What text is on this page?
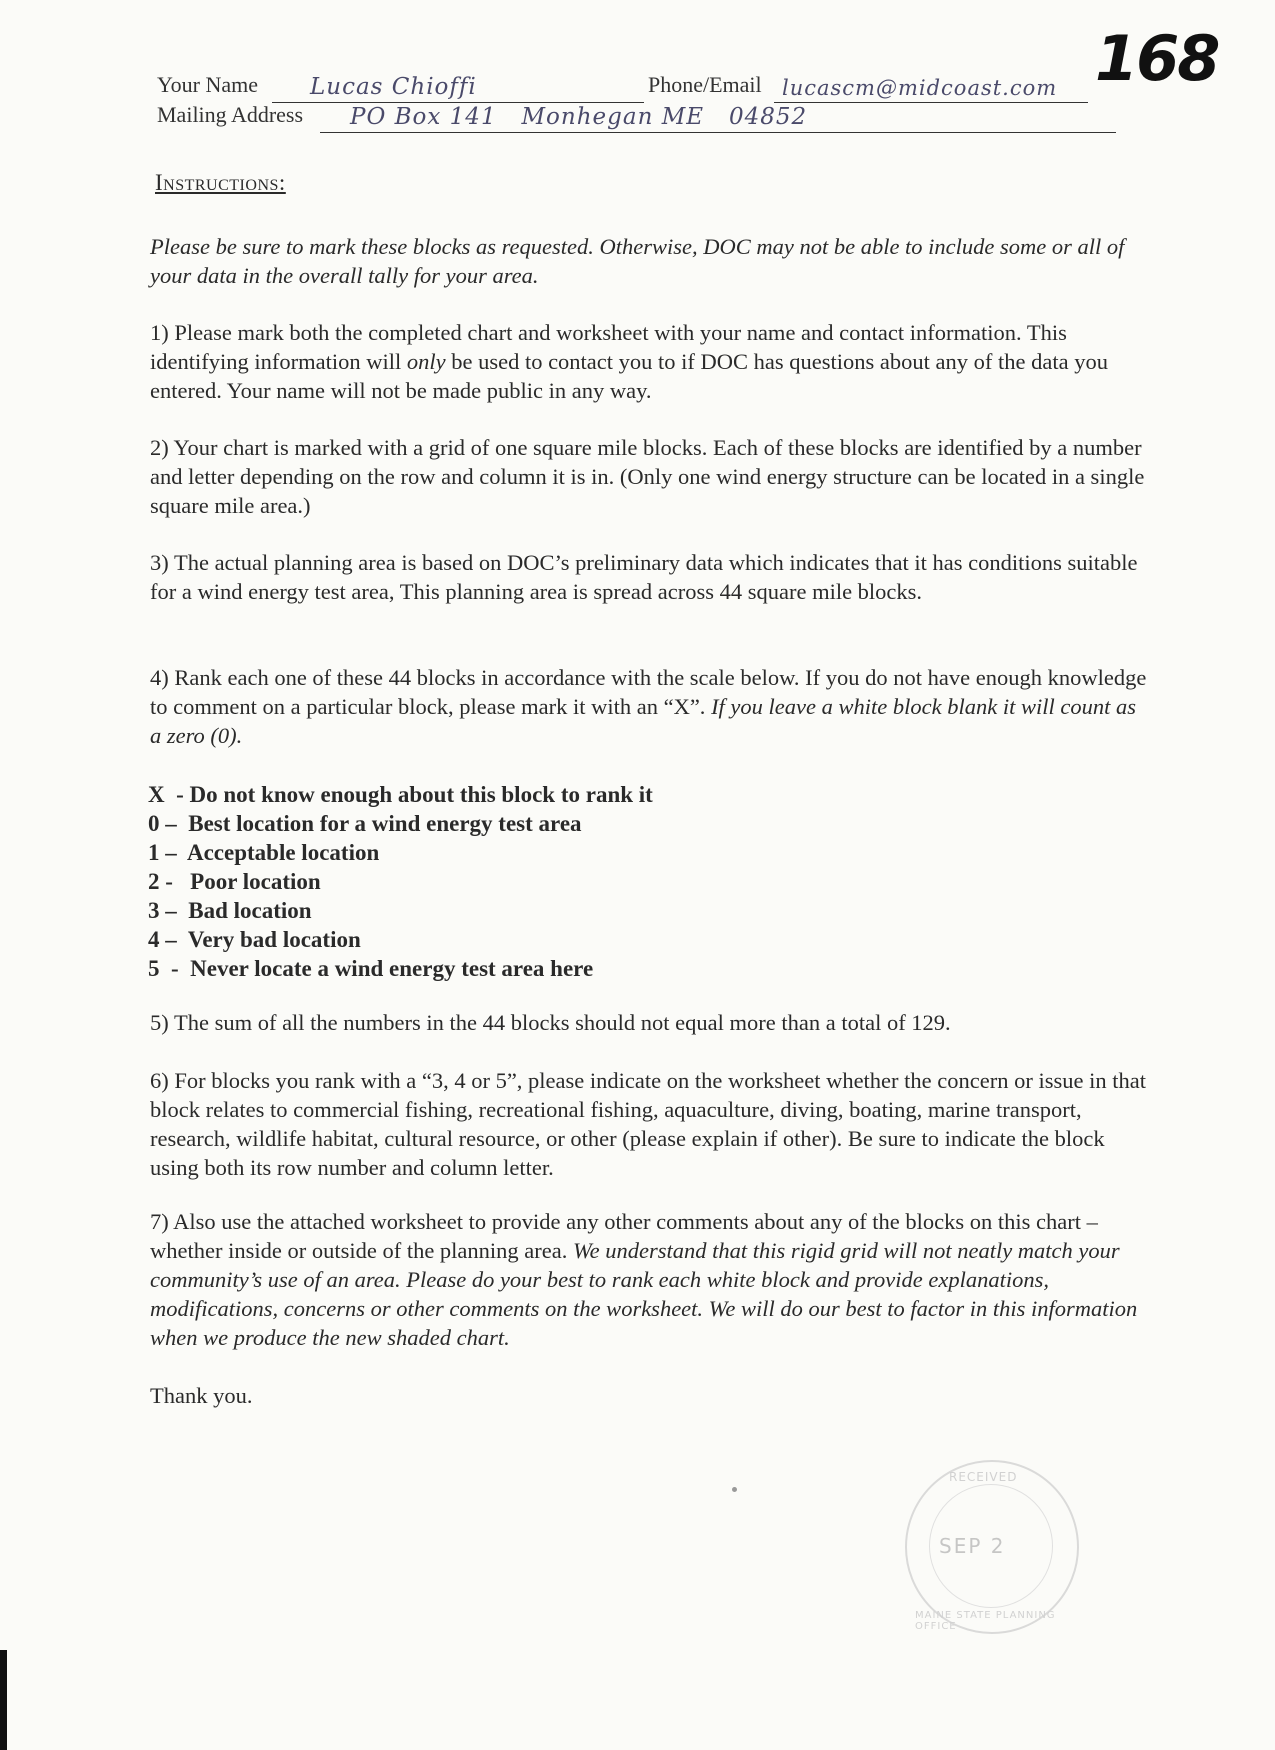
168
Your Name Lucas Chioffi	Phone/Email lucascm@midcoast.com
Mailing Address PO Box 141   Monhegan ME   04852
Instructions:
Please be sure to mark these blocks as requested. Otherwise, DOC may not be able to include some or all of your data in the overall tally for your area.
1) Please mark both the completed chart and worksheet with your name and contact information. This identifying information will only be used to contact you to if DOC has questions about any of the data you entered. Your name will not be made public in any way.
2) Your chart is marked with a grid of one square mile blocks. Each of these blocks are identified by a number and letter depending on the row and column it is in. (Only one wind energy structure can be located in a single square mile area.)
3) The actual planning area is based on DOC’s preliminary data which indicates that it has conditions suitable for a wind energy test area, This planning area is spread across 44 square mile blocks.
4) Rank each one of these 44 blocks in accordance with the scale below. If you do not have enough knowledge to comment on a particular block, please mark it with an “X”. If you leave a white block blank it will count as a zero (0).
X  - Do not know enough about this block to rank it
0 –  Best location for a wind energy test area
1 –  Acceptable location
2 -   Poor location
3 –  Bad location
4 –  Very bad location
5  -  Never locate a wind energy test area here
5) The sum of all the numbers in the 44 blocks should not equal more than a total of 129.
6) For blocks you rank with a “3, 4 or 5”, please indicate on the worksheet whether the concern or issue in that block relates to commercial fishing, recreational fishing, aquaculture, diving, boating, marine transport, research, wildlife habitat, cultural resource, or other (please explain if other). Be sure to indicate the block using both its row number and column letter.
7) Also use the attached worksheet to provide any other comments about any of the blocks on this chart – whether inside or outside of the planning area. We understand that this rigid grid will not neatly match your community’s use of an area. Please do your best to rank each white block and provide explanations, modifications, concerns or other comments on the worksheet. We will do our best to factor in this information when we produce the new shaded chart.
Thank you.
RECEIVED
SEP 2
MAINE STATE PLANNING OFFICE
